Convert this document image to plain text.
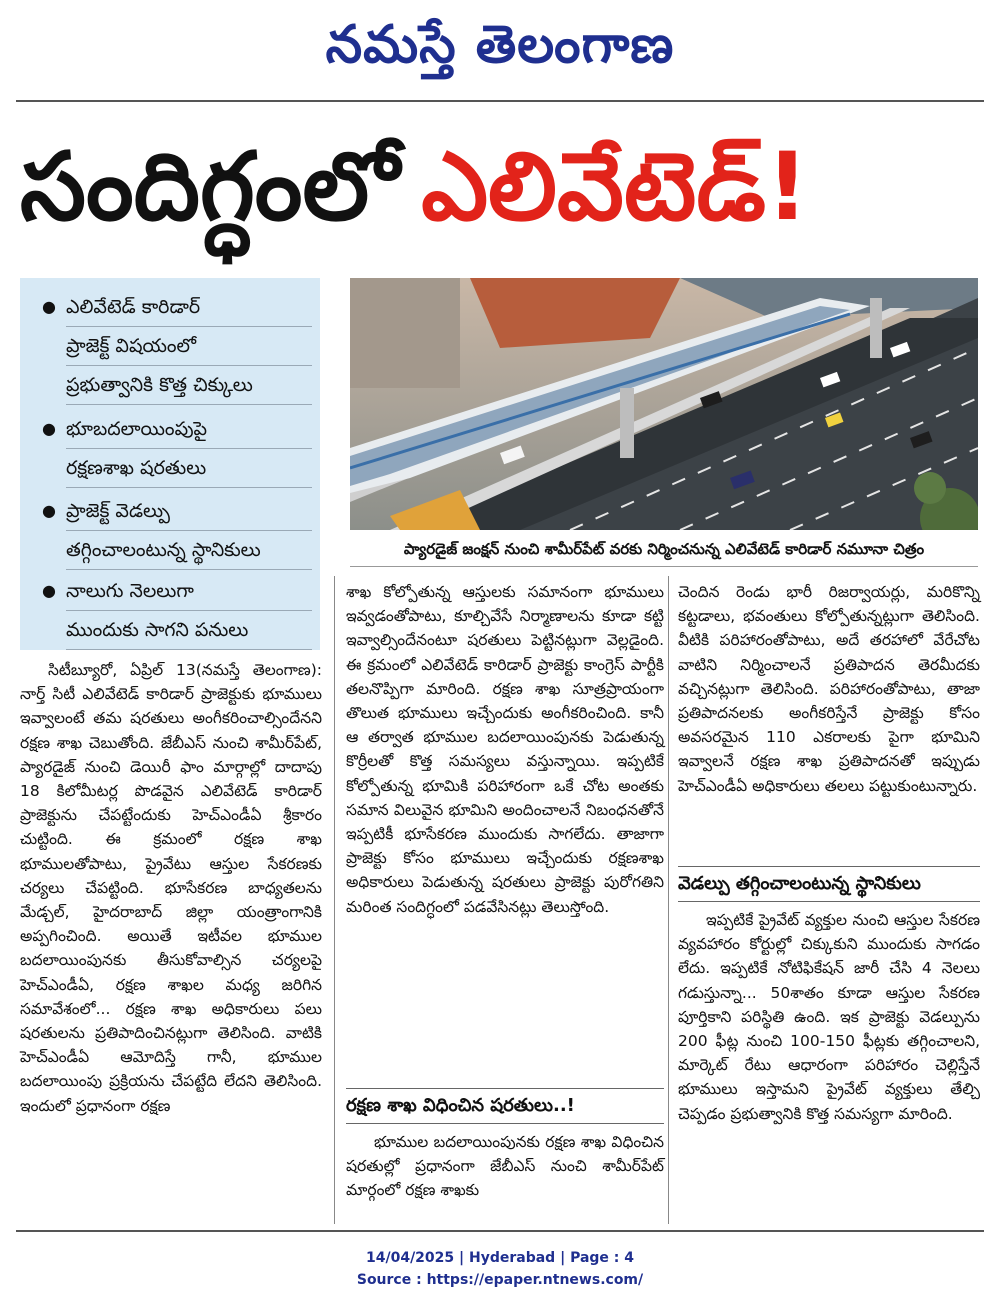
నమస్తే తెలంగాణ
సందిగ్ధంలో ఎలివేటెడ్!
● ఎలివేటెడ్ కారిడార్
ప్రాజెక్ట్ విషయంలో
ప్రభుత్వానికి కొత్త చిక్కులు
● భూబదలాయింపుపై
రక్షణశాఖ షరతులు
● ప్రాజెక్ట్ వెడల్పు
తగ్గించాలంటున్న స్థానికులు
● నాలుగు నెలలుగా
ముందుకు సాగని పనులు
ప్యారడైజ్ జంక్షన్ నుంచి శామీర్‌పేట్ వరకు నిర్మించనున్న ఎలివేటెడ్ కారిడార్ నమూనా చిత్రం

సిటీబ్యూరో, ఏప్రిల్ 13(నమస్తే తెలంగాణ): నార్త్ సిటీ ఎలివేటెడ్ కారిడార్ ప్రాజెక్టుకు భూములు ఇవ్వాలంటే తమ షరతులు అంగీకరించాల్సిందేనని రక్షణ శాఖ చెబుతోంది. జేబీఎస్ నుంచి శామీర్‌పేట్, ప్యారడైజ్ నుంచి డెయిరీ ఫాం మార్గాల్లో దాదాపు 18 కిలోమీటర్ల పొడవైన ఎలివేటెడ్ కారిడార్ ప్రాజెక్టును చేపట్టేందుకు హెచ్ఎండీఏ శ్రీకారం చుట్టింది. ఈ క్రమంలో రక్షణ శాఖ భూములతోపాటు, ప్రైవేటు ఆస్తుల సేకరణకు చర్యలు చేపట్టింది. భూసేకరణ బాధ్యతలను మేడ్చల్, హైదరాబాద్ జిల్లా యంత్రాంగానికి అప్పగించింది. అయితే ఇటీవల భూముల బదలాయింపునకు తీసుకోవాల్సిన చర్యలపై హెచ్ఎండీఏ, రక్షణ శాఖల మధ్య జరిగిన సమావేశంలో... రక్షణ శాఖ అధికారులు పలు షరతులను ప్రతిపాదించినట్లుగా తెలిసింది. వాటికి హెచ్ఎండీఏ ఆమోదిస్తే గానీ, భూముల బదలాయింపు ప్రక్రియను చేపట్టేది లేదని తెలిసింది. ఇందులో ప్రధానంగా రక్షణ

శాఖ కోల్పోతున్న ఆస్తులకు సమానంగా భూములు ఇవ్వడంతోపాటు, కూల్చివేసే నిర్మాణాలను కూడా కట్టి ఇవ్వాల్సిందేనంటూ షరతులు పెట్టినట్లుగా వెల్లడైంది. ఈ క్రమంలో ఎలివేటెడ్ కారిడార్ ప్రాజెక్టు కాంగ్రెస్ పార్టీకి తలనొప్పిగా మారింది. రక్షణ శాఖ సూత్రప్రాయంగా తొలుత భూములు ఇచ్చేందుకు అంగీకరించింది. కానీ ఆ తర్వాత భూముల బదలాయింపునకు పెడుతున్న కొర్రీలతో కొత్త సమస్యలు వస్తున్నాయి. ఇప్పటికే కోల్పోతున్న భూమికి పరిహారంగా ఒకే చోట అంతకు సమాన విలువైన భూమిని అందించాలనే నిబంధనతోనే ఇప్పటికీ భూసేకరణ ముందుకు సాగలేదు. తాజాగా ప్రాజెక్టు కోసం భూములు ఇచ్చేందుకు రక్షణశాఖ అధికారులు పెడుతున్న షరతులు ప్రాజెక్టు పురోగతిని మరింత సందిగ్ధంలో పడవేసినట్లు తెలుస్తోంది.

రక్షణ శాఖ విధించిన షరతులు..!

భూముల బదలాయింపునకు రక్షణ శాఖ విధించిన షరతుల్లో ప్రధానంగా జేబీఎస్ నుంచి శామీర్‌పేట్ మార్గంలో రక్షణ శాఖకు

చెందిన రెండు భారీ రిజర్వాయర్లు, మరికొన్ని కట్టడాలు, భవంతులు కోల్పోతున్నట్లుగా తెలిసింది. వీటికి పరిహారంతోపాటు, అదే తరహాలో వేరేచోట వాటిని నిర్మించాలనే ప్రతిపాదన తెరమీదకు వచ్చినట్లుగా తెలిసింది. పరిహారంతోపాటు, తాజా ప్రతిపాదనలకు అంగీకరిస్తేనే ప్రాజెక్టు కోసం అవసరమైన 110 ఎకరాలకు పైగా భూమిని ఇవ్వాలనే రక్షణ శాఖ ప్రతిపాదనతో ఇప్పుడు హెచ్ఎండీఏ అధికారులు తలలు పట్టుకుంటున్నారు.

వెడల్పు తగ్గించాలంటున్న స్థానికులు

ఇప్పటికే ప్రైవేట్ వ్యక్తుల నుంచి ఆస్తుల సేకరణ వ్యవహారం కోర్టుల్లో చిక్కుకుని ముందుకు సాగడం లేదు. ఇప్పటికే నోటిఫికేషన్ జారీ చేసి 4 నెలలు గడుస్తున్నా... 50శాతం కూడా ఆస్తుల సేకరణ పూర్తికాని పరిస్థితి ఉంది. ఇక ప్రాజెక్టు వెడల్పును 200 ఫీట్ల నుంచి 100-150 ఫీట్లకు తగ్గించాలని, మార్కెట్ రేటు ఆధారంగా పరిహారం చెల్లిస్తేనే భూములు ఇస్తామని ప్రైవేట్ వ్యక్తులు తేల్చి చెప్పడం ప్రభుత్వానికి కొత్త సమస్యగా మారింది.

14/04/2025 | Hyderabad | Page : 4
Source : https://epaper.ntnews.com/
